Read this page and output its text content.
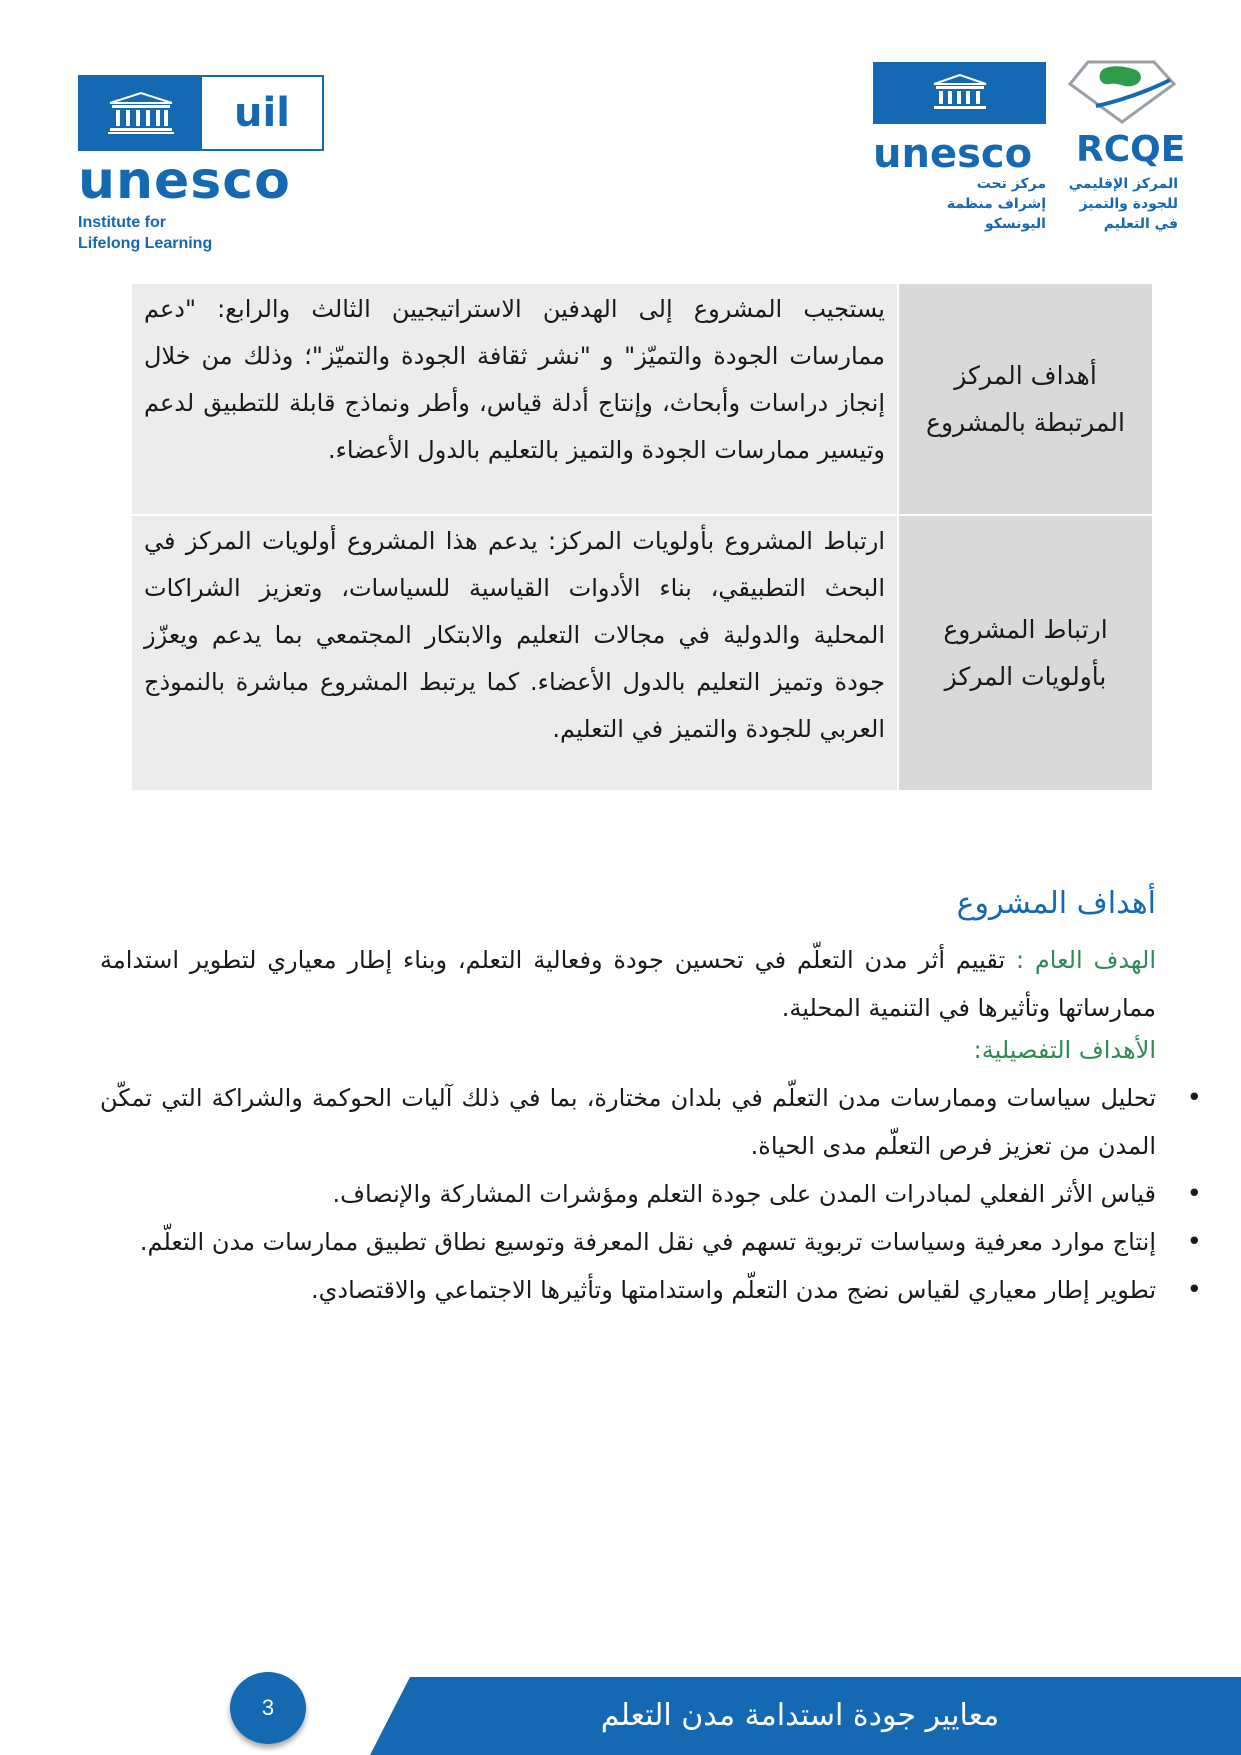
uil
unesco
Institute for
Lifelong Learning
unesco
مركز تحت
إشراف منظمة
اليونسكو
RCQE
المركز الإقليمي
للجودة والتميز
في التعليم
أهداف المركز المرتبطة بالمشروع	يستجيب المشروع إلى الهدفين الاستراتيجيين الثالث والرابع: "دعم ممارسات الجودة والتميّز" و "نشر ثقافة الجودة والتميّز"؛ وذلك من خلال إنجاز دراسات وأبحاث، وإنتاج أدلة قياس، وأطر ونماذج قابلة للتطبيق لدعم وتيسير ممارسات الجودة والتميز بالتعليم بالدول الأعضاء.
ارتباط المشروع بأولويات المركز	ارتباط المشروع بأولويات المركز: يدعم هذا المشروع أولويات المركز في البحث التطبيقي، بناء الأدوات القياسية للسياسات، وتعزيز الشراكات المحلية والدولية في مجالات التعليم والابتكار المجتمعي بما يدعم ويعزّز جودة وتميز التعليم بالدول الأعضاء. كما يرتبط المشروع مباشرة بالنموذج العربي للجودة والتميز في التعليم.
أهداف المشروع
الهدف العام : تقييم أثر مدن التعلّم في تحسين جودة وفعالية التعلم، وبناء إطار معياري لتطوير استدامة ممارساتها وتأثيرها في التنمية المحلية.
الأهداف التفصيلية:
• تحليل سياسات وممارسات مدن التعلّم في بلدان مختارة، بما في ذلك آليات الحوكمة والشراكة التي تمكّن المدن من تعزيز فرص التعلّم مدى الحياة.
• قياس الأثر الفعلي لمبادرات المدن على جودة التعلم ومؤشرات المشاركة والإنصاف.
• إنتاج موارد معرفية وسياسات تربوية تسهم في نقل المعرفة وتوسيع نطاق تطبيق ممارسات مدن التعلّم.
• تطوير إطار معياري لقياس نضج مدن التعلّم واستدامتها وتأثيرها الاجتماعي والاقتصادي.
معايير جودة استدامة مدن التعلم
3
